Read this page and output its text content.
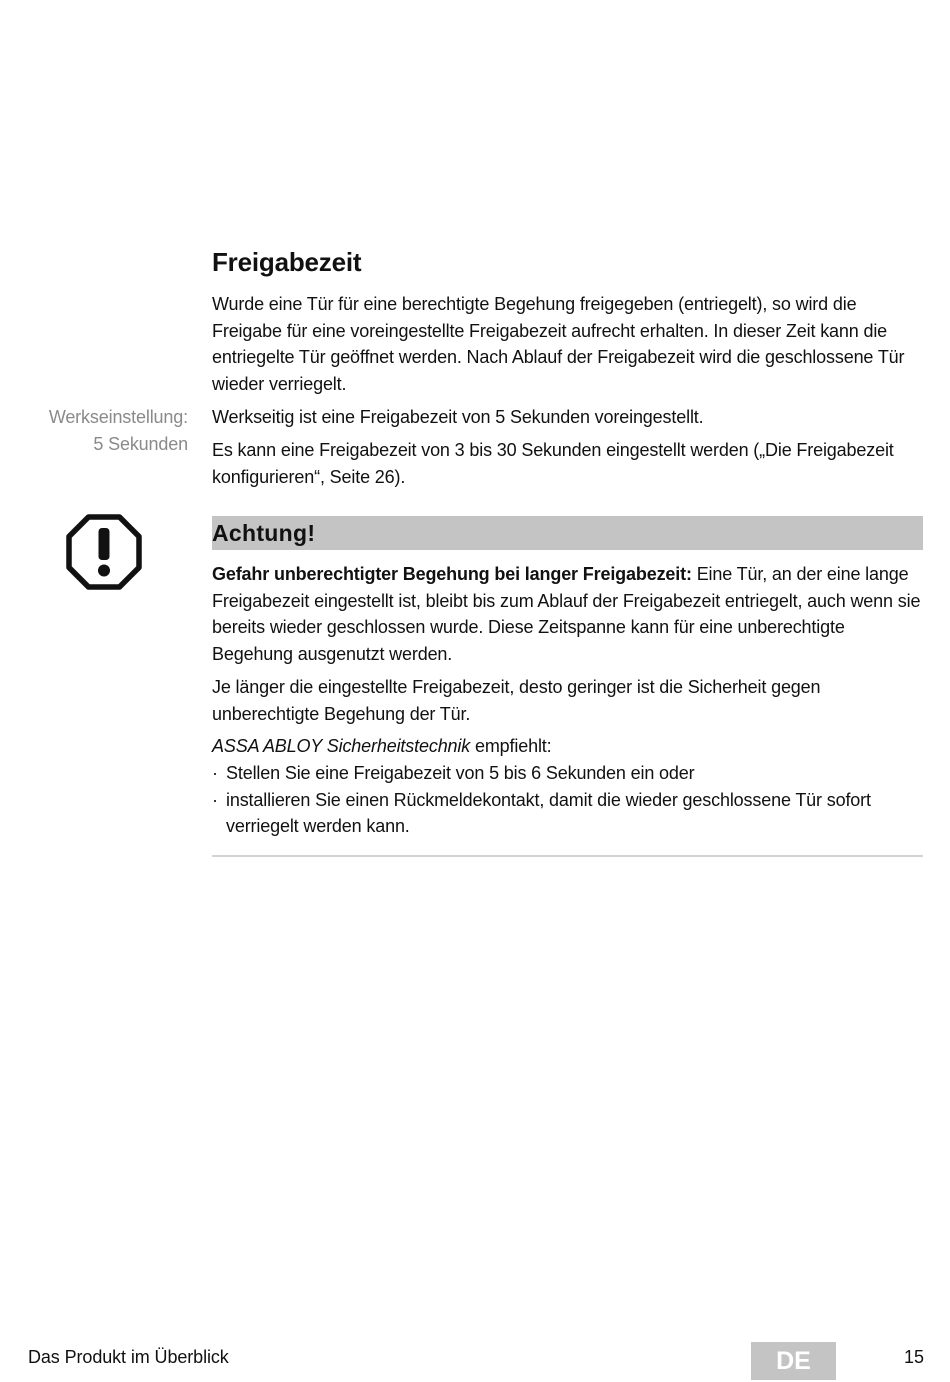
Freigabezeit

Wurde eine Tür für eine berechtigte Begehung freigegeben (entriegelt), so wird die Freigabe für eine voreingestellte Freigabezeit aufrecht erhalten. In dieser Zeit kann die entriegelte Tür geöffnet werden. Nach Ablauf der Freigabezeit wird die geschlossene Tür wieder verriegelt.

Werkseinstellung:
5 Sekunden

Werkseitig ist eine Freigabezeit von 5 Sekunden voreingestellt.

Es kann eine Freigabezeit von 3 bis 30 Sekunden eingestellt werden („Die Freigabezeit konfigurieren“, Seite 26).

Achtung!

Gefahr unberechtigter Begehung bei langer Freigabezeit: Eine Tür, an der eine lange Freigabezeit eingestellt ist, bleibt bis zum Ablauf der Freigabezeit entriegelt, auch wenn sie bereits wieder geschlossen wurde. Diese Zeitspanne kann für eine unberechtigte Begehung ausgenutzt werden.

Je länger die eingestellte Freigabezeit, desto geringer ist die Sicherheit gegen unberechtigte Begehung der Tür.

ASSA ABLOY Sicherheitstechnik empfiehlt:

· Stellen Sie eine Freigabezeit von 5 bis 6 Sekunden ein oder
· installieren Sie einen Rückmeldekontakt, damit die wieder geschlossene Tür sofort verriegelt werden kann.
Das Produkt im Überblick	DE	15
